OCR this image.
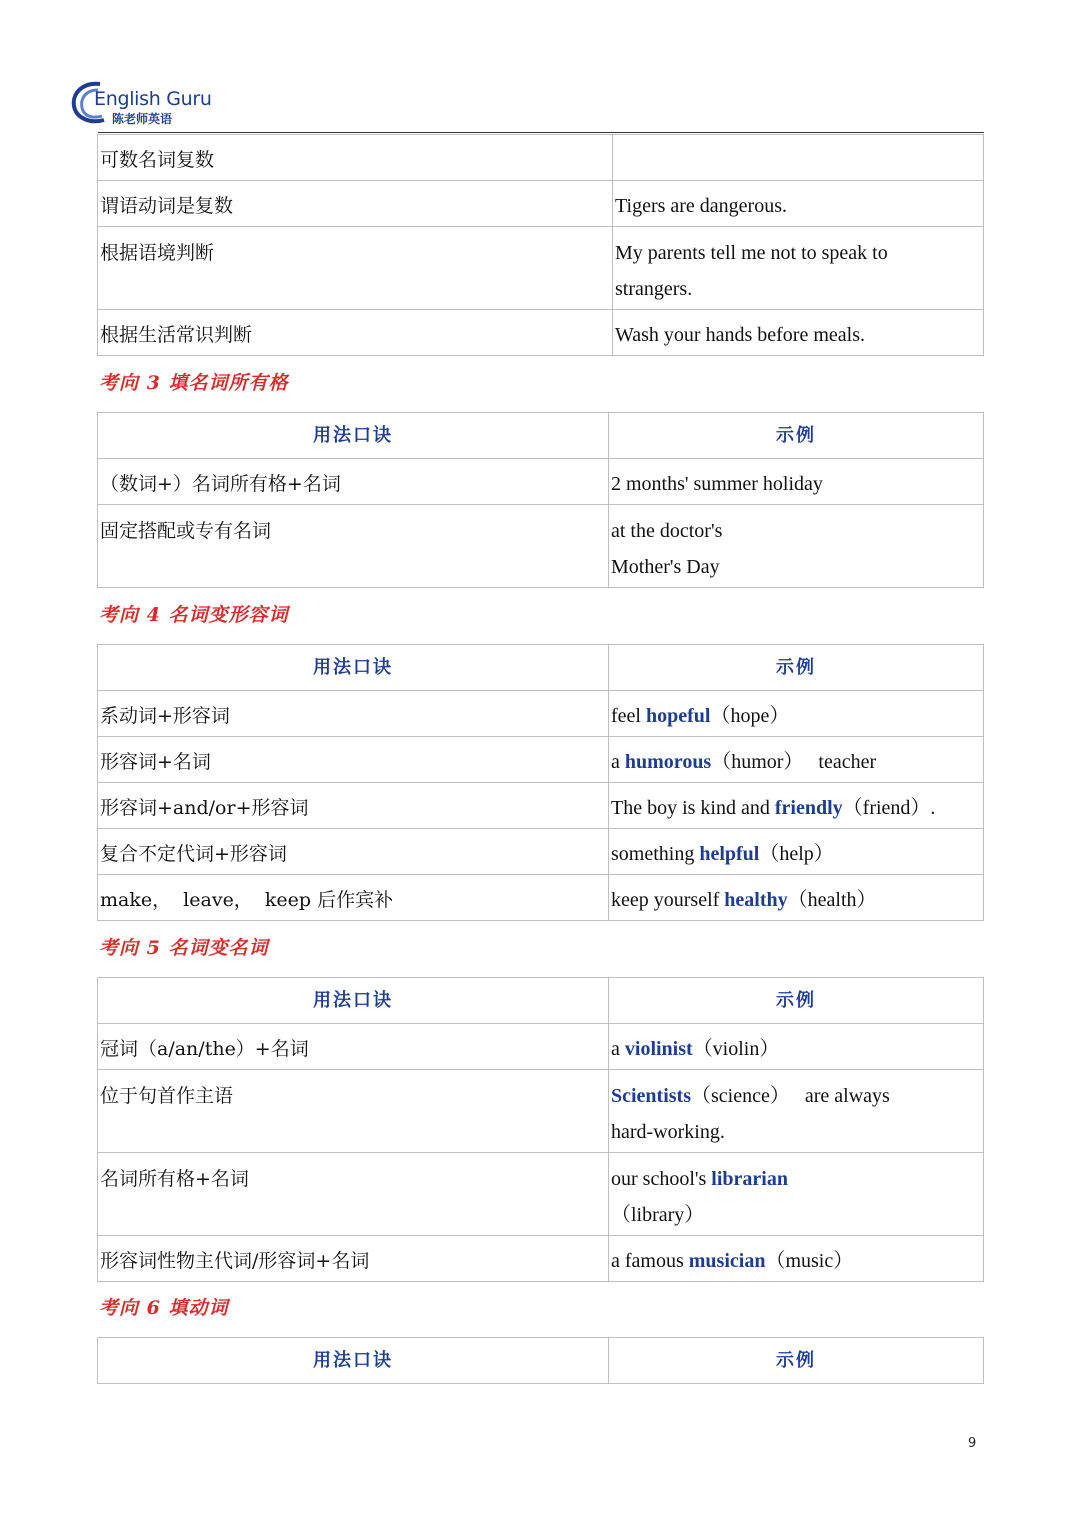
English Guru
陈老师英语
可数名词复数	

谓语动词是复数	Tigers are dangerous.

根据语境判断	My parents tell me not to speak to
strangers.

根据生活常识判断	Wash your hands before meals.
考向 3 填名词所有格
用法口诀	示例
（数词+）名词所有格+名词	2 months' summer holiday

固定搭配或专有名词	at the doctor's
Mother's Day
考向 4 名词变形容词
用法口诀	示例
系动词+形容词	feel hopeful（hope）

形容词+名词	a humorous（humor）   teacher

形容词+and/or+形容词	The boy is kind and friendly（friend）.

复合不定代词+形容词	something helpful（help）

make，  leave，  keep 后作宾补	keep yourself healthy（health）
考向 5 名词变名词
用法口诀	示例
冠词（a/an/the）+名词	a violinist（violin）

位于句首作主语	Scientists（science）   are always
hard-working.

名词所有格+名词	our school's librarian
（library）

形容词性物主代词/形容词+名词	a famous musician（music）
考向 6 填动词
用法口诀	示例
9
